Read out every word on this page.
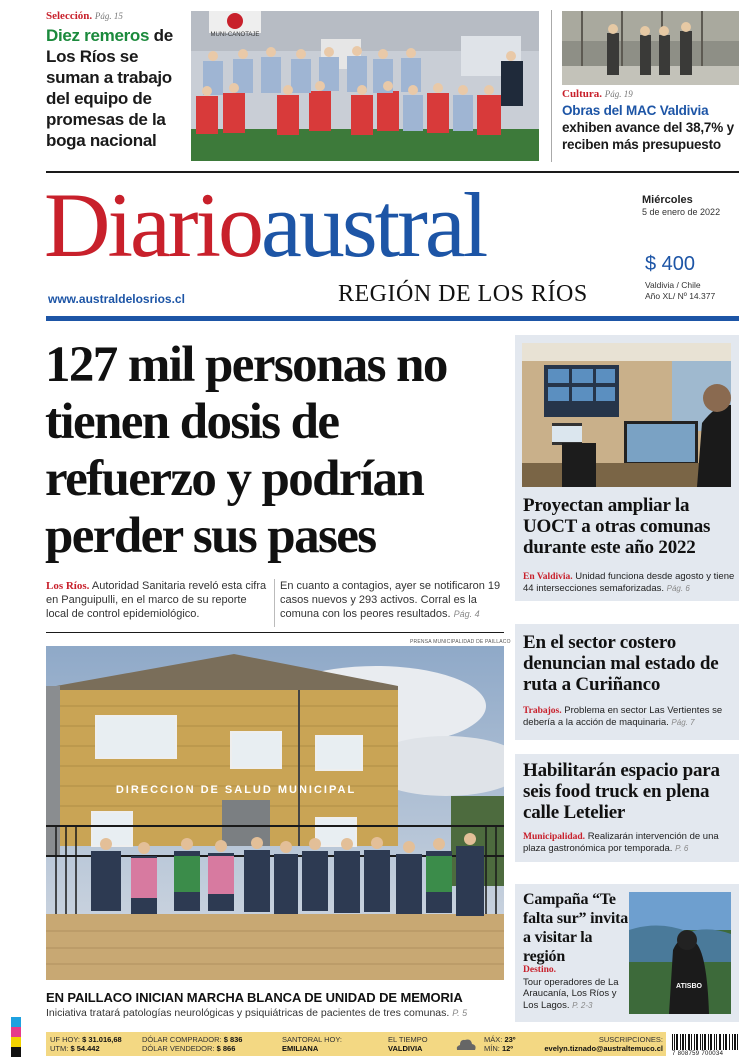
Selección. Pág. 15
Diez remeros de Los Ríos se suman a trabajo del equipo de promesas de la boga nacional
MUNI-CANOTAJE
Cultura. Pág. 19
Obras del MAC Valdivia exhiben avance del 38,7% y reciben más presupuesto
Diarioaustral
REGIÓN DE LOS RÍOS
www.australdelosrios.cl
Miércoles
5 de enero de 2022
$ 400
Valdivia / Chile
Año XL/ Nº 14.377
127 mil personas no tienen dosis de refuerzo y podrían perder sus pases
Los Ríos. Autoridad Sanitaria reveló esta cifra en Panguipulli, en el marco de su reporte local de control epidemiológico.
En cuanto a contagios, ayer se notificaron 19 casos nuevos y 293 activos. Corral es la comuna con los peores resultados. Pág. 4
PRENSA MUNICIPALIDAD DE PAILLACO
DIRECCION DE SALUD MUNICIPAL
EN PAILLACO INICIAN MARCHA BLANCA DE UNIDAD DE MEMORIA
Iniciativa tratará patologías neurológicas y psiquiátricas de pacientes de tres comunas. P. 5
Proyectan ampliar la UOCT a otras comunas durante este año 2022
En Valdivia. Unidad funciona desde agosto y tiene 44 intersecciones semaforizadas. Pág. 6
En el sector costero denuncian mal estado de ruta a Curiñanco
Trabajos. Problema en sector Las Vertientes se debería a la acción de maquinaria. Pág. 7
Habilitarán espacio para seis food truck en plena calle Letelier
Municipalidad. Realizarán intervención de una plaza gastronómica por temporada. P. 6
Campaña “Te falta sur” invita a visitar la región
Destino.
Tour operadores de La Araucanía, Los Ríos y Los Lagos. P. 2-3
ATISBO
UF HOY: $ 31.016,68
UTM: $ 54.442
DÓLAR COMPRADOR: $ 836
DÓLAR VENDEDOR: $ 866
SANTORAL HOY:
EMILIANA
EL TIEMPO
VALDIVIA
MÁX: 23º
MÍN: 12º
SUSCRIPCIONES:
evelyn.tiznado@australtemuco.cl
7 808759 700034
